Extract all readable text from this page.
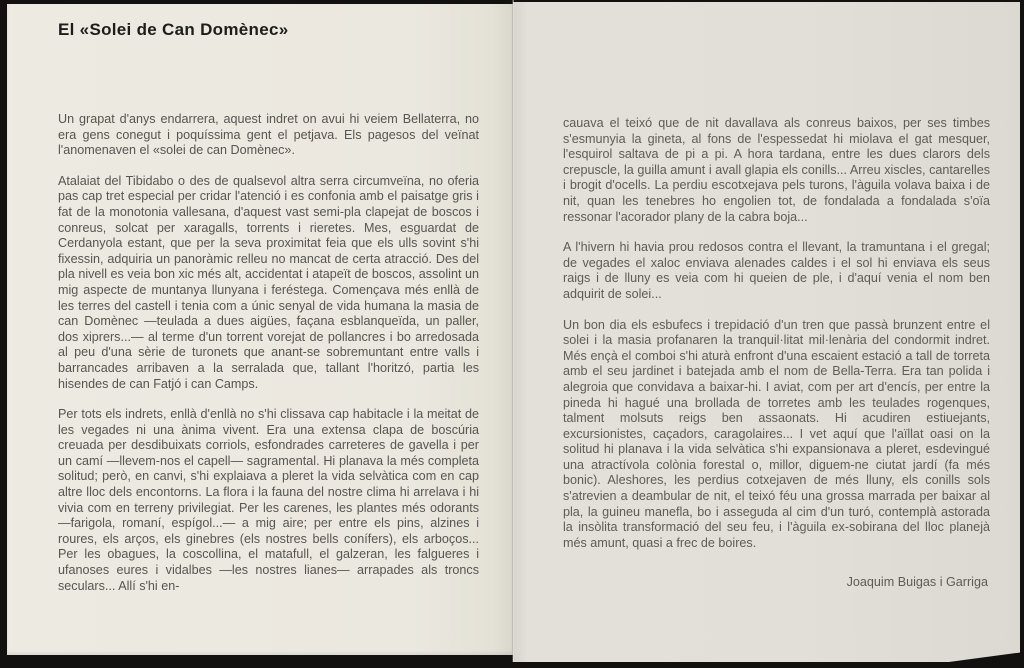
El «Solei de Can Domènec»

Un grapat d'anys endarrera, aquest indret on avui hi veiem Bellaterra, no era gens conegut i poquíssima gent el petjava. Els pagesos del veïnat l'anomenaven el «solei de can Domènec».

Atalaiat del Tibidabo o des de qualsevol altra serra circumveïna, no oferia pas cap tret especial per cridar l'atenció i es confonia amb el paisatge gris i fat de la monotonia vallesana, d'aquest vast semi-pla clapejat de boscos i conreus, solcat per xaragalls, torrents i rieretes. Mes, esguardat de Cerdanyola estant, que per la seva proximitat feia que els ulls sovint s'hi fixessin, adquiria un panoràmic relleu no mancat de certa atracció. Des del pla nivell es veia bon xic més alt, accidentat i atapeït de boscos, assolint un mig aspecte de muntanya llunyana i feréstega. Començava més enllà de les terres del castell i tenia com a únic senyal de vida humana la masia de can Domènec —teulada a dues aigües, façana esblanqueïda, un paller, dos xiprers...— al terme d'un torrent vorejat de pollancres i bo arredosada al peu d'una sèrie de turonets que anant-se sobremuntant entre valls i barrancades arribaven a la serralada que, tallant l'horitzó, partia les hisendes de can Fatjó i can Camps.

Per tots els indrets, enllà d'enllà no s'hi clissava cap habitacle i la meitat de les vegades ni una ànima vivent. Era una extensa clapa de boscúria creuada per desdibuixats corriols, esfondrades carreteres de gavella i per un camí —llevem-nos el capell— sagramental. Hi planava la més completa solitud; però, en canvi, s'hi explaiava a pleret la vida selvàtica com en cap altre lloc dels encontorns. La flora i la fauna del nostre clima hi arrelava i hi vivia com en terreny privilegiat. Per les carenes, les plantes més odorants —farigola, romaní, espígol...— a mig aire; per entre els pins, alzines i roures, els arços, els ginebres (els nostres bells conífers), els arboços... Per les obagues, la coscollina, el matafull, el galzeran, les falgueres i ufanoses eures i vidalbes —les nostres lianes— arrapades als troncs seculars... Allí s'hi en-

cauava el teixó que de nit davallava als conreus baixos, per ses timbes s'esmunyia la gineta, al fons de l'espessedat hi miolava el gat mesquer, l'esquirol saltava de pi a pi. A hora tardana, entre les dues clarors dels crepuscle, la guilla amunt i avall glapia els conills... Arreu xiscles, cantarelles i brogit d'ocells. La perdiu escotxejava pels turons, l'àguila volava baixa i de nit, quan les tenebres ho engolien tot, de fondalada a fondalada s'oïa ressonar l'acorador plany de la cabra boja...

A l'hivern hi havia prou redosos contra el llevant, la tramuntana i el gregal; de vegades el xaloc enviava alenades caldes i el sol hi enviava els seus raigs i de lluny es veia com hi queien de ple, i d'aquí venia el nom ben adquirit de solei...

Un bon dia els esbufecs i trepidació d'un tren que passà brunzent entre el solei i la masia profanaren la tranquil·litat mil·lenària del condormit indret. Més ençà el comboi s'hi aturà enfront d'una escaient estació a tall de torreta amb el seu jardinet i batejada amb el nom de Bella-Terra. Era tan polida i alegroia que convidava a baixar-hi. I aviat, com per art d'encís, per entre la pineda hi hagué una brollada de torretes amb les teulades rogenques, talment molsuts reigs ben assaonats. Hi acudiren estiuejants, excursionistes, caçadors, caragolaires... I vet aquí que l'aïllat oasi on la solitud hi planava i la vida selvàtica s'hi expansionava a pleret, esdevingué una atractívola colònia forestal o, millor, diguem-ne ciutat jardí (fa més bonic). Aleshores, les perdius cotxejaven de més lluny, els conills sols s'atrevien a deambular de nit, el teixó féu una grossa marrada per baixar al pla, la guineu manefla, bo i asseguda al cim d'un turó, contemplà astorada la insòlita transformació del seu feu, i l'àguila ex-sobirana del lloc planejà més amunt, quasi a frec de boires.

Joaquim Buigas i Garriga
